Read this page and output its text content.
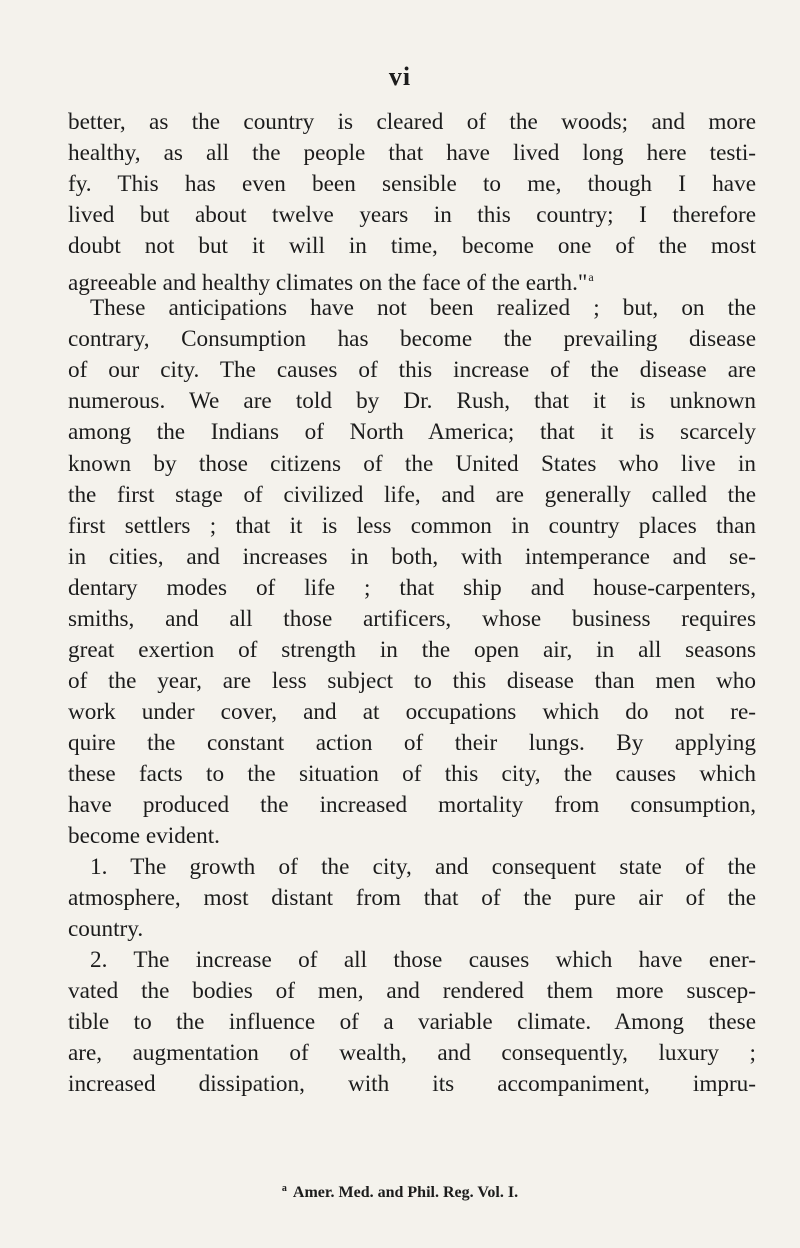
vi
better, as the country is cleared of the woods; and more
healthy, as all the people that have lived long here testi-
fy. This has even been sensible to me, though I have
lived but about twelve years in this country; I therefore
doubt not but it will in time, become one of the most
agreeable and healthy climates on the face of the earth."$^a$
These anticipations have not been realized ; but, on the
contrary, Consumption has become the prevailing disease
of our city. The causes of this increase of the disease are
numerous. We are told by Dr. Rush, that it is unknown
among the Indians of North America; that it is scarcely
known by those citizens of the United States who live in
the first stage of civilized life, and are generally called the
first settlers ; that it is less common in country places than
in cities, and increases in both, with intemperance and se-
dentary modes of life ; that ship and house-carpenters,
smiths, and all those artificers, whose business requires
great exertion of strength in the open air, in all seasons
of the year, are less subject to this disease than men who
work under cover, and at occupations which do not re-
quire the constant action of their lungs. By applying
these facts to the situation of this city, the causes which
have produced the increased mortality from consumption,
become evident.
1. The growth of the city, and consequent state of the
atmosphere, most distant from that of the pure air of the
country.
2. The increase of all those causes which have ener-
vated the bodies of men, and rendered them more suscep-
tible to the influence of a variable climate. Among these
are, augmentation of wealth, and consequently, luxury ;
increased dissipation, with its accompaniment, impru-
$^a$ Amer. Med. and Phil. Reg. Vol. I.
